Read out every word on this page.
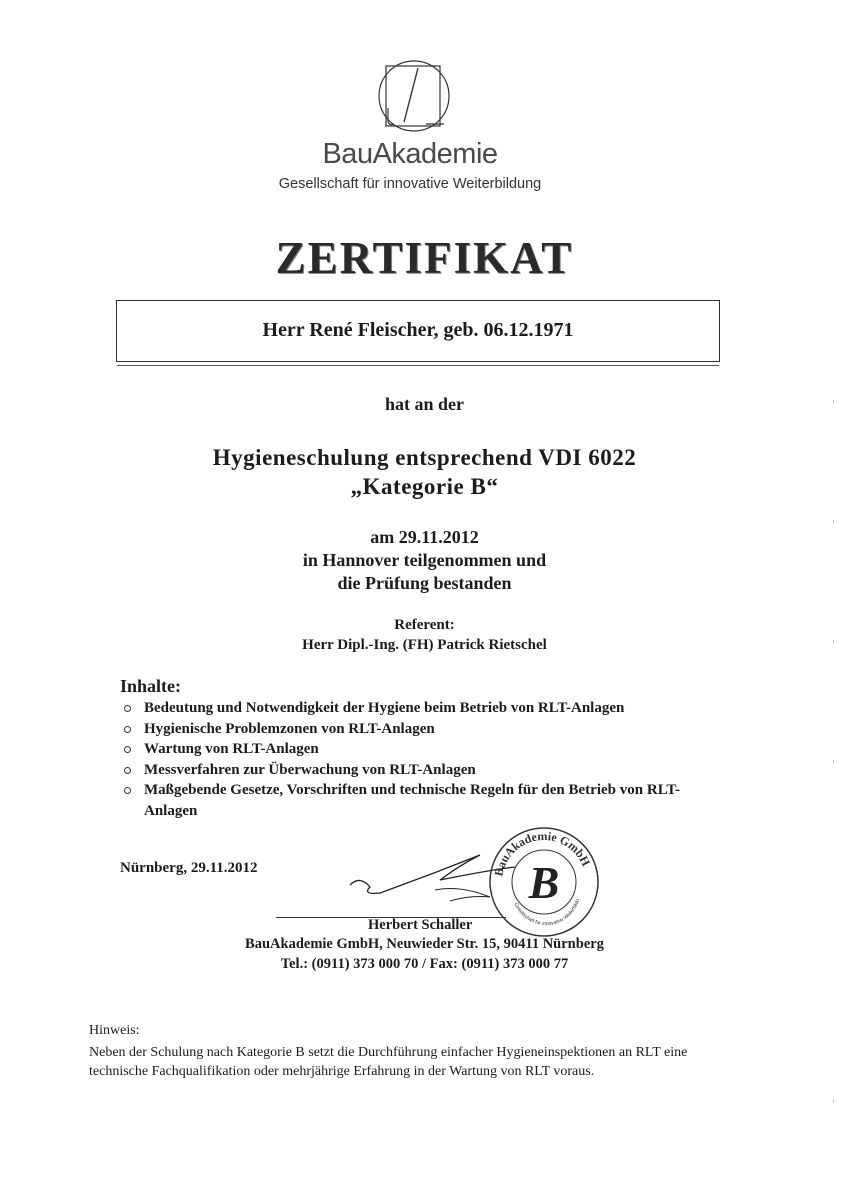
BauAkademie
Gesellschaft für innovative Weiterbildung
ZERTIFIKAT
Herr René Fleischer, geb. 06.12.1971
hat an der
Hygieneschulung entsprechend VDI 6022
„Kategorie B“
am 29.11.2012
in Hannover teilgenommen und
die Prüfung bestanden
Referent:
Herr Dipl.-Ing. (FH) Patrick Rietschel
Inhalte:
Bedeutung und Notwendigkeit der Hygiene beim Betrieb von RLT-Anlagen
Hygienische Problemzonen von RLT-Anlagen
Wartung von RLT-Anlagen
Messverfahren zur Überwachung von RLT-Anlagen
Maßgebende Gesetze, Vorschriften und technische Regeln für den Betrieb von RLT-Anlagen
Nürnberg, 29.11.2012	BauAkademie GmbH
Gesellschaft für innovative Weiterbildu
B
Herbert Schaller
BauAkademie GmbH, Neuwieder Str. 15, 90411 Nürnberg
Tel.: (0911) 373 000 70 / Fax: (0911) 373 000 77
Hinweis:
Neben der Schulung nach Kategorie B setzt die Durchführung einfacher Hygieneinspektionen an RLT eine technische Fachqualifikation oder mehrjährige Erfahrung in der Wartung von RLT voraus.
